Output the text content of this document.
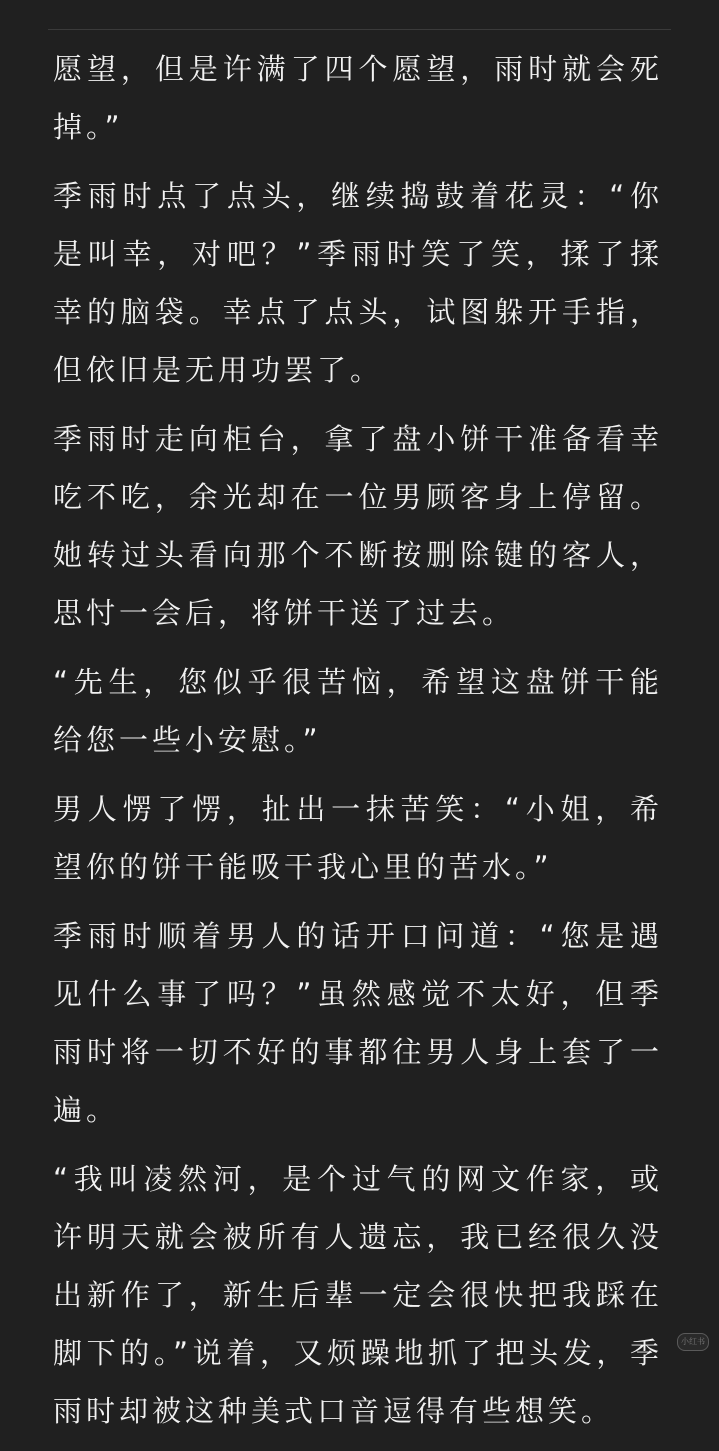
愿望，但是许满了四个愿望，雨时就会死掉。”

季雨时点了点头，继续捣鼓着花灵：“你是叫幸，对吧？”季雨时笑了笑，揉了揉幸的脑袋。幸点了点头，试图躲开手指，但依旧是无用功罢了。

季雨时走向柜台，拿了盘小饼干准备看幸吃不吃，余光却在一位男顾客身上停留。她转过头看向那个不断按删除键的客人，思忖一会后，将饼干送了过去。

“先生，您似乎很苦恼，希望这盘饼干能给您一些小安慰。”

男人愣了愣，扯出一抹苦笑：“小姐，希望你的饼干能吸干我心里的苦水。”

季雨时顺着男人的话开口问道：“您是遇见什么事了吗？”虽然感觉不太好，但季雨时将一切不好的事都往男人身上套了一遍。

“我叫凌然河，是个过气的网文作家，或许明天就会被所有人遗忘，我已经很久没出新作了，新生后辈一定会很快把我踩在脚下的。”说着，又烦躁地抓了把头发，季雨时却被这种美式口音逗得有些想笑。

小红书
